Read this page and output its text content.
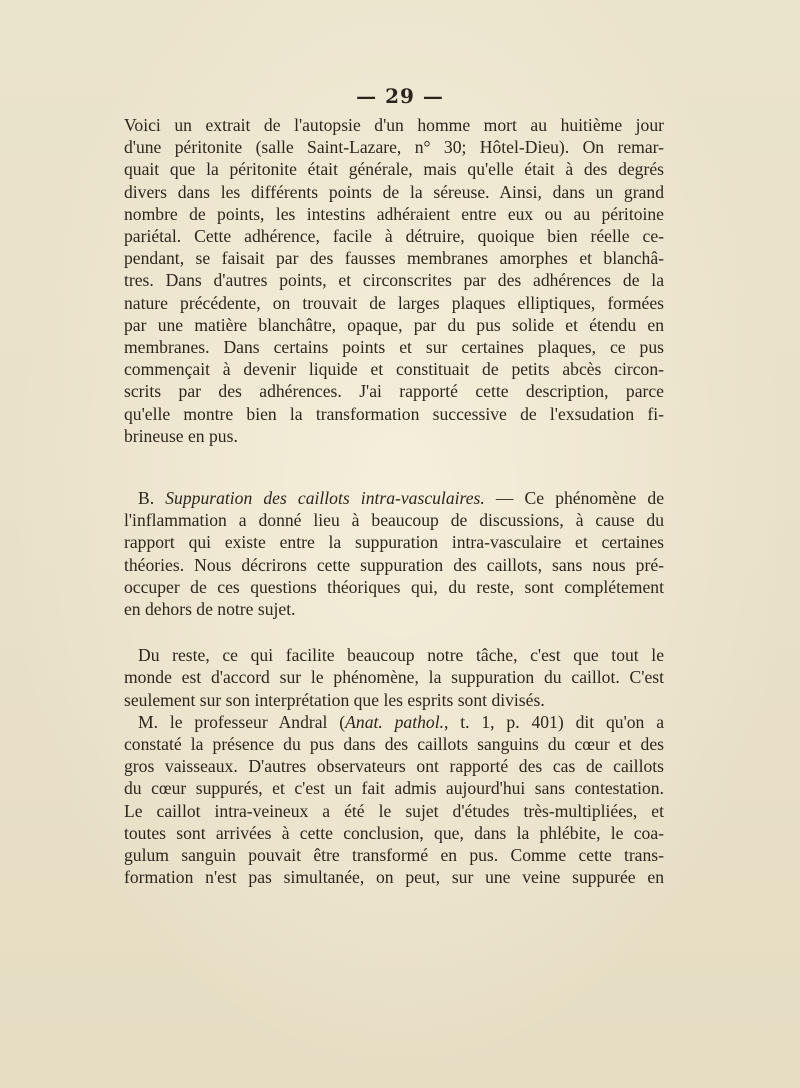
— 29 —
Voici un extrait de l'autopsie d'un homme mort au huitième jour
d'une péritonite (salle Saint-Lazare, n° 30; Hôtel-Dieu). On remar-
quait que la péritonite était générale, mais qu'elle était à des degrés
divers dans les différents points de la séreuse. Ainsi, dans un grand
nombre de points, les intestins adhéraient entre eux ou au péritoine
pariétal. Cette adhérence, facile à détruire, quoique bien réelle ce-
pendant, se faisait par des fausses membranes amorphes et blanchâ-
tres. Dans d'autres points, et circonscrites par des adhérences de la
nature précédente, on trouvait de larges plaques elliptiques, formées
par une matière blanchâtre, opaque, par du pus solide et étendu en
membranes. Dans certains points et sur certaines plaques, ce pus
commençait à devenir liquide et constituait de petits abcès circon-
scrits par des adhérences. J'ai rapporté cette description, parce
qu'elle montre bien la transformation successive de l'exsudation fi-
brineuse en pus.
B. Suppuration des caillots intra-vasculaires. — Ce phénomène de
l'inflammation a donné lieu à beaucoup de discussions, à cause du
rapport qui existe entre la suppuration intra-vasculaire et certaines
théories. Nous décrirons cette suppuration des caillots, sans nous pré-
occuper de ces questions théoriques qui, du reste, sont complétement
en dehors de notre sujet.
Du reste, ce qui facilite beaucoup notre tâche, c'est que tout le
monde est d'accord sur le phénomène, la suppuration du caillot. C'est
seulement sur son interprétation que les esprits sont divisés.
M. le professeur Andral (Anat. pathol., t. 1, p. 401) dit qu'on a
constaté la présence du pus dans des caillots sanguins du cœur et des
gros vaisseaux. D'autres observateurs ont rapporté des cas de caillots
du cœur suppurés, et c'est un fait admis aujourd'hui sans contestation.
Le caillot intra-veineux a été le sujet d'études très-multipliées, et
toutes sont arrivées à cette conclusion, que, dans la phlébite, le coa-
gulum sanguin pouvait être transformé en pus. Comme cette trans-
formation n'est pas simultanée, on peut, sur une veine suppurée en
